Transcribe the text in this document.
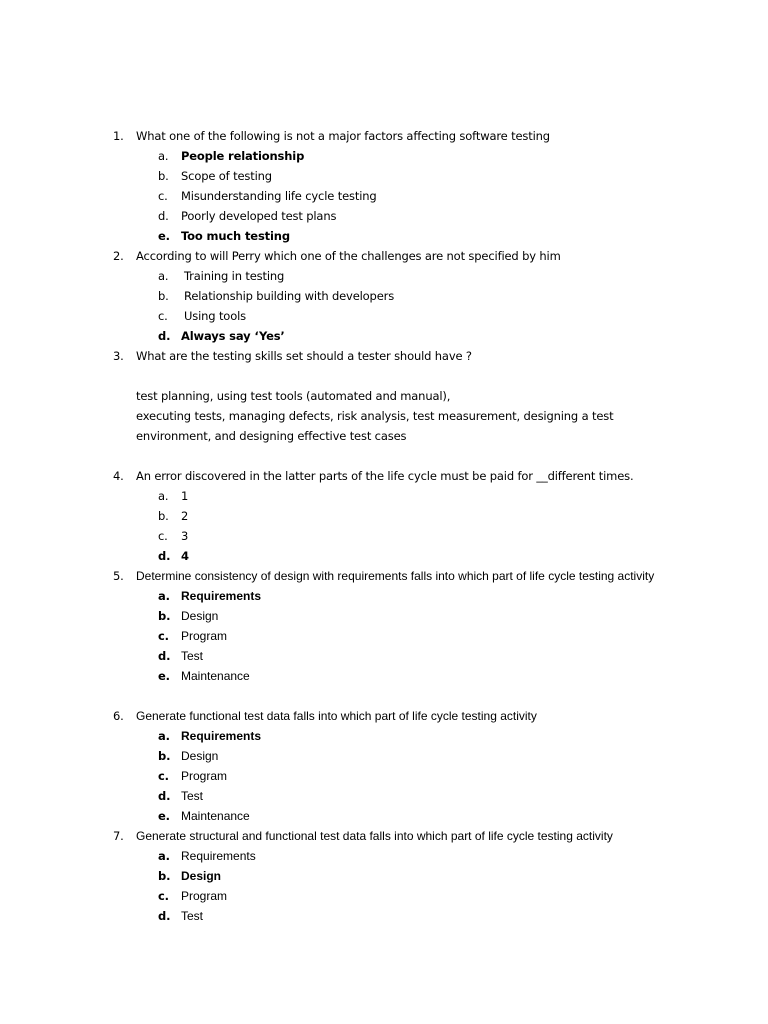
1. What one of the following is not a major factors affecting software testing
a. People relationship
b. Scope of testing
c. Misunderstanding life cycle testing
d. Poorly developed test plans
e. Too much testing
2. According to will Perry which one of the challenges are not specified by him
a. Training in testing
b. Relationship building with developers
c. Using tools
d. Always say ‘Yes’
3. What are the testing skills set should a tester should have ?
test planning, using test tools (automated and manual),
executing tests, managing defects, risk analysis, test measurement, designing a test
environment, and designing effective test cases
4. An error discovered in the latter parts of the life cycle must be paid for __different times.
a. 1
b. 2
c. 3
d. 4
5. Determine consistency of design with requirements falls into which part of life cycle testing activity
a. Requirements
b. Design
c. Program
d. Test
e. Maintenance
6. Generate functional test data falls into which part of life cycle testing activity
a. Requirements
b. Design
c. Program
d. Test
e. Maintenance
7. Generate structural and functional test data falls into which part of life cycle testing activity
a. Requirements
b. Design
c. Program
d. Test
